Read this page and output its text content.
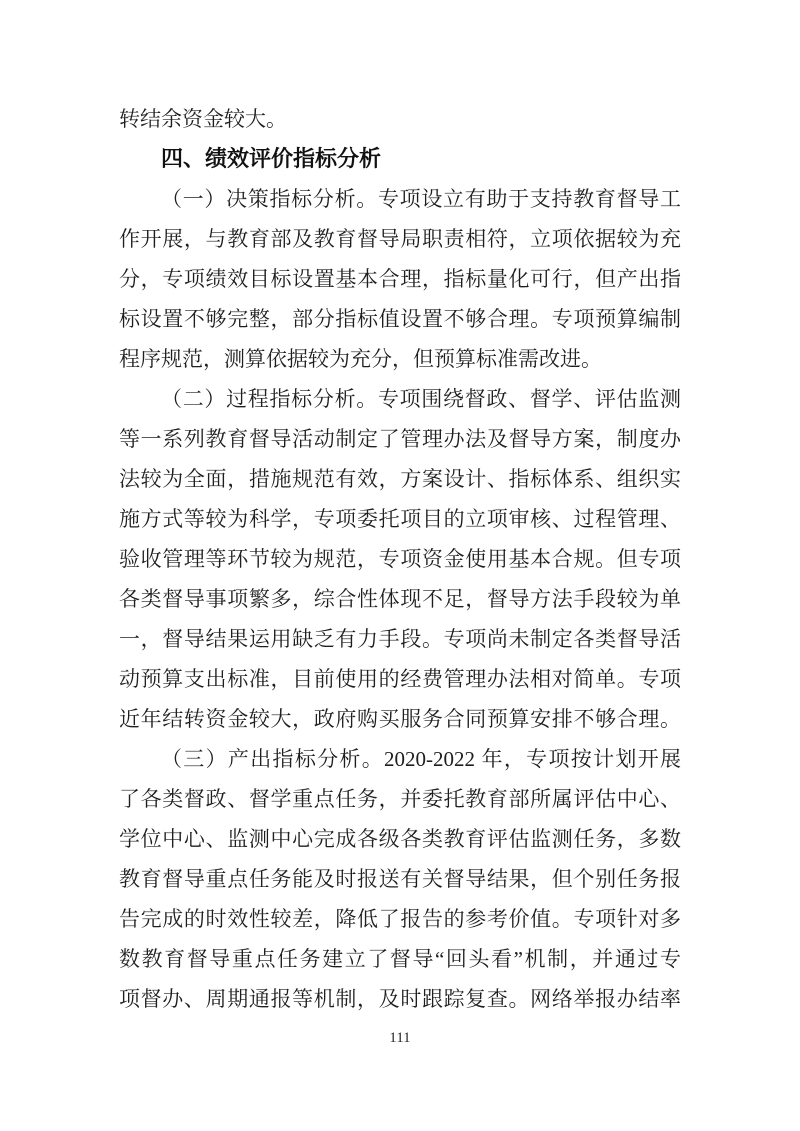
转结余资金较大。
四、绩效评价指标分析
（一）决策指标分析。专项设立有助于支持教育督导工
作开展，与教育部及教育督导局职责相符，立项依据较为充
分，专项绩效目标设置基本合理，指标量化可行，但产出指
标设置不够完整，部分指标值设置不够合理。专项预算编制
程序规范，测算依据较为充分，但预算标准需改进。
（二）过程指标分析。专项围绕督政、督学、评估监测
等一系列教育督导活动制定了管理办法及督导方案，制度办
法较为全面，措施规范有效，方案设计、指标体系、组织实
施方式等较为科学，专项委托项目的立项审核、过程管理、
验收管理等环节较为规范，专项资金使用基本合规。但专项
各类督导事项繁多，综合性体现不足，督导方法手段较为单
一，督导结果运用缺乏有力手段。专项尚未制定各类督导活
动预算支出标准，目前使用的经费管理办法相对简单。专项
近年结转资金较大，政府购买服务合同预算安排不够合理。
（三）产出指标分析。2020-2022 年，专项按计划开展
了各类督政、督学重点任务，并委托教育部所属评估中心、
学位中心、监测中心完成各级各类教育评估监测任务，多数
教育督导重点任务能及时报送有关督导结果，但个别任务报
告完成的时效性较差，降低了报告的参考价值。专项针对多
数教育督导重点任务建立了督导“回头看”机制，并通过专
项督办、周期通报等机制，及时跟踪复查。网络举报办结率
111
